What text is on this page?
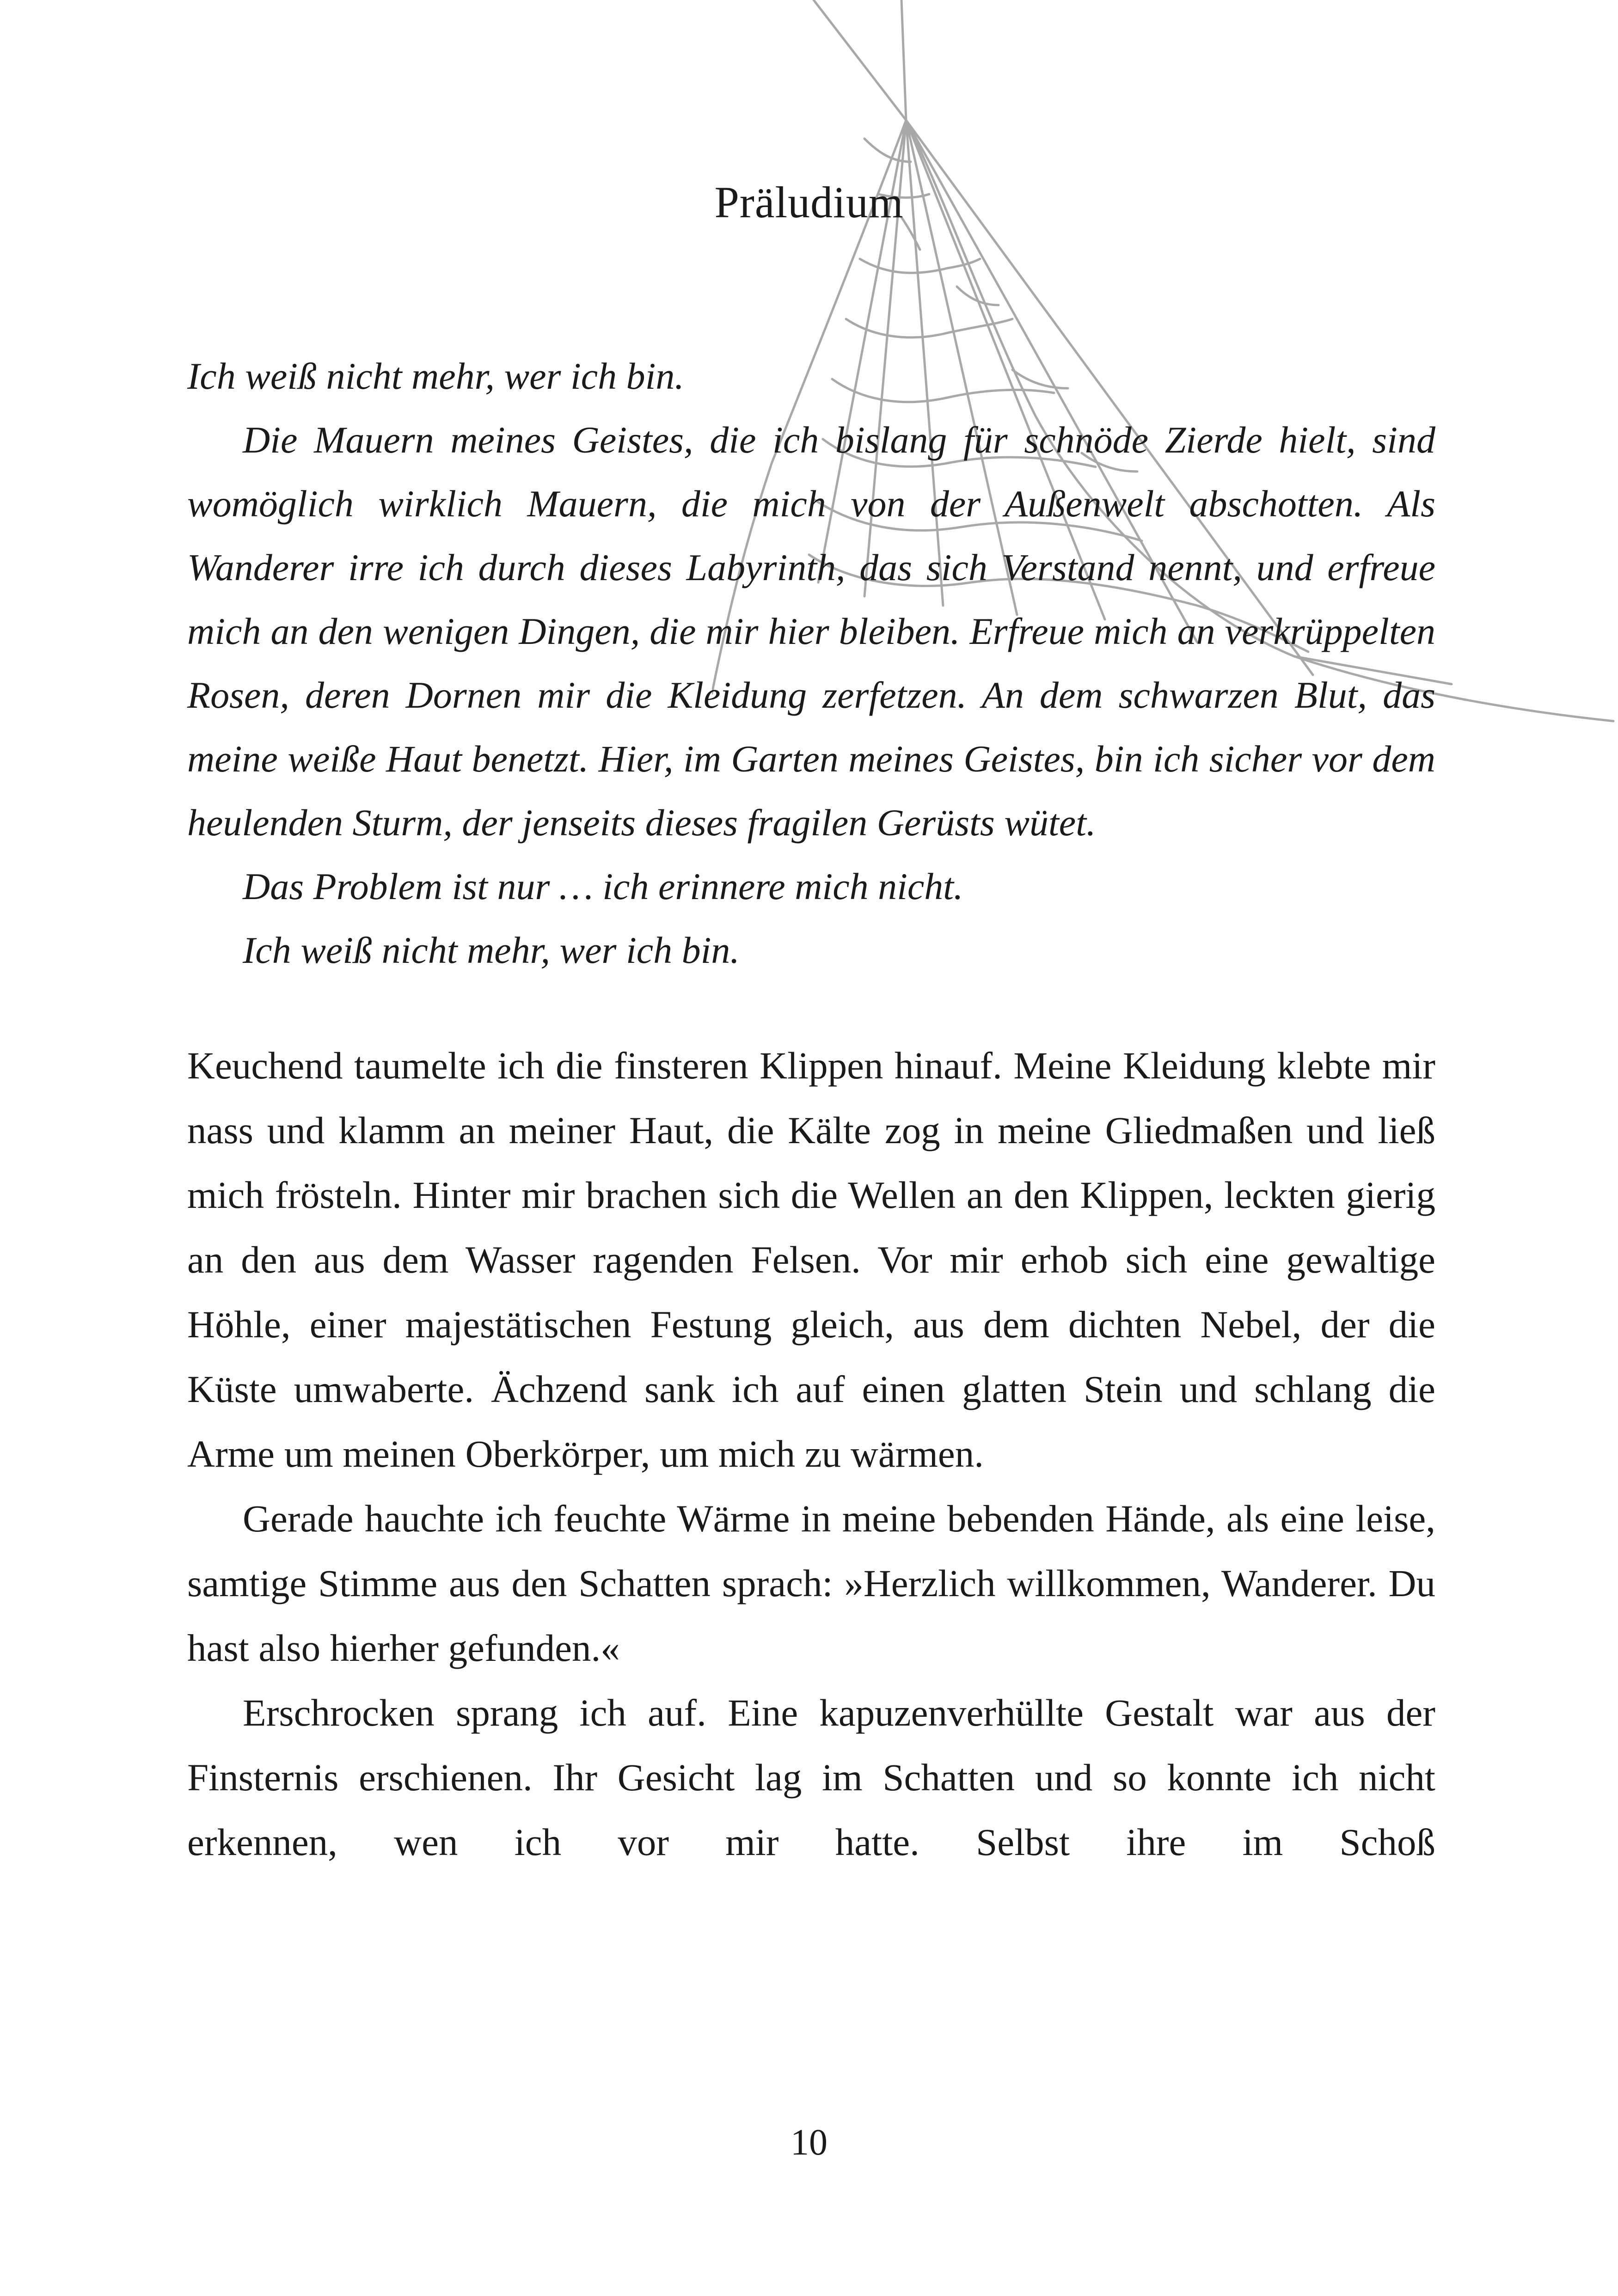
Präludium

Ich weiß nicht mehr, wer ich bin.

Die Mauern meines Geistes, die ich bislang für schnöde Zierde hielt, sind womöglich wirklich Mauern, die mich von der Außenwelt abschotten. Als Wanderer irre ich durch dieses Labyrinth, das sich Verstand nennt, und erfreue mich an den wenigen Dingen, die mir hier bleiben. Erfreue mich an verkrüppelten Rosen, deren Dornen mir die Kleidung zerfetzen. An dem schwarzen Blut, das meine weiße Haut benetzt. Hier, im Garten meines Geistes, bin ich sicher vor dem heulenden Sturm, der jenseits dieses fragilen Gerüsts wütet.

Das Problem ist nur … ich erinnere mich nicht.

Ich weiß nicht mehr, wer ich bin.

Keuchend taumelte ich die finsteren Klippen hinauf. Meine Kleidung klebte mir nass und klamm an meiner Haut, die Kälte zog in meine Gliedmaßen und ließ mich frösteln. Hinter mir brachen sich die Wellen an den Klippen, leckten gierig an den aus dem Wasser ragenden Felsen. Vor mir erhob sich eine gewaltige Höhle, einer majestätischen Festung gleich, aus dem dichten Nebel, der die Küste umwaberte. Ächzend sank ich auf einen glatten Stein und schlang die Arme um meinen Oberkörper, um mich zu wärmen.

Gerade hauchte ich feuchte Wärme in meine bebenden Hände, als eine leise, samtige Stimme aus den Schatten sprach: »Herzlich willkommen, Wanderer. Du hast also hierher gefunden.«

Erschrocken sprang ich auf. Eine kapuzenverhüllte Gestalt war aus der Finsternis erschienen. Ihr Gesicht lag im Schatten und so konnte ich nicht erkennen, wen ich vor mir hatte. Selbst ihre im Schoß

10
